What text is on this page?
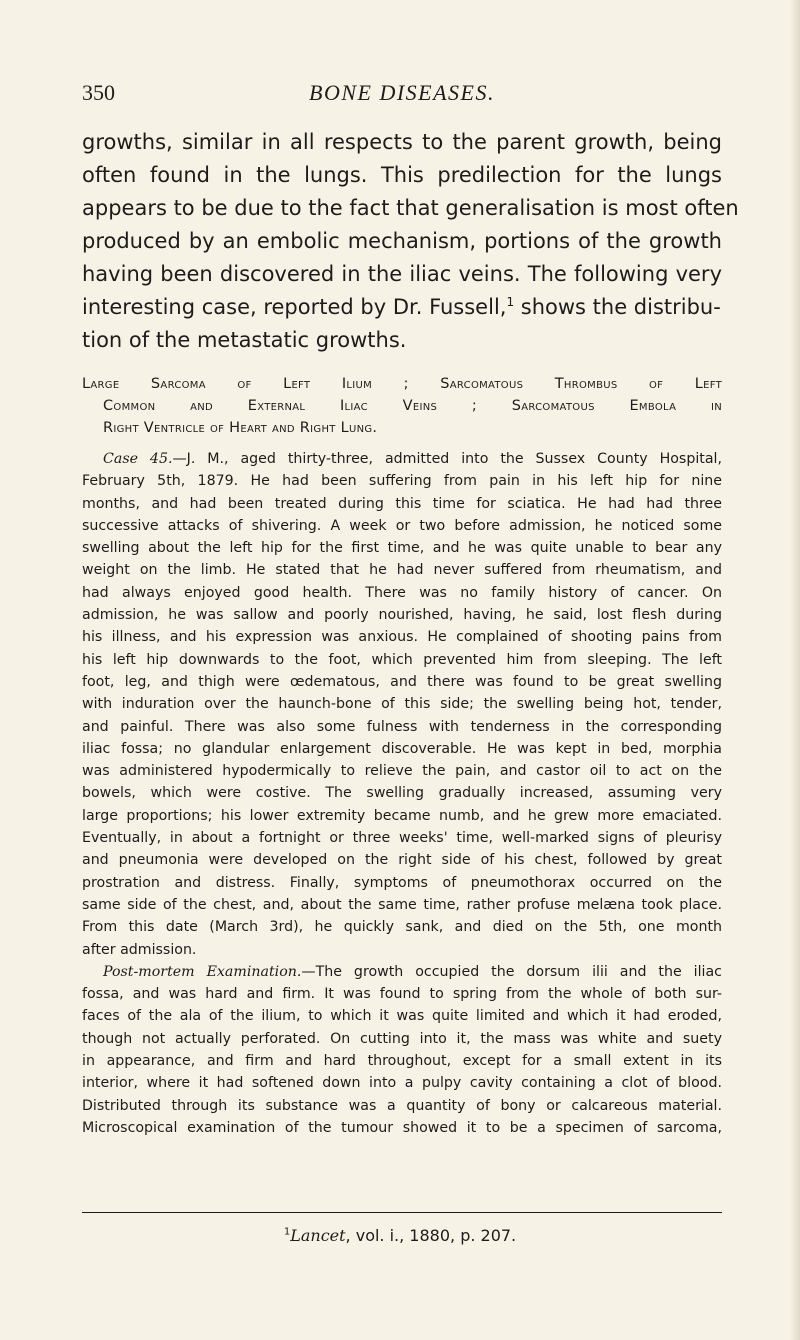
350	BONE DISEASES.
growths, similar in all respects to the parent growth, being
often found in the lungs. This predilection for the lungs
appears to be due to the fact that generalisation is most often
produced by an embolic mechanism, portions of the growth
having been discovered in the iliac veins. The following very
interesting case, reported by Dr. Fussell,$^1$ shows the distribu-
tion of the metastatic growths.
Large Sarcoma of Left Ilium ; Sarcomatous Thrombus of Left
Common and External Iliac Veins ; Sarcomatous Embola in
Right Ventricle of Heart and Right Lung.
Case 45.—J. M., aged thirty-three, admitted into the Sussex County Hospital,
February 5th, 1879. He had been suffering from pain in his left hip for nine
months, and had been treated during this time for sciatica. He had had three
successive attacks of shivering. A week or two before admission, he noticed some
swelling about the left hip for the first time, and he was quite unable to bear any
weight on the limb. He stated that he had never suffered from rheumatism, and
had always enjoyed good health. There was no family history of cancer. On
admission, he was sallow and poorly nourished, having, he said, lost flesh during
his illness, and his expression was anxious. He complained of shooting pains from
his left hip downwards to the foot, which prevented him from sleeping. The left
foot, leg, and thigh were œdematous, and there was found to be great swelling
with induration over the haunch-bone of this side; the swelling being hot, tender,
and painful. There was also some fulness with tenderness in the corresponding
iliac fossa; no glandular enlargement discoverable. He was kept in bed, morphia
was administered hypodermically to relieve the pain, and castor oil to act on the
bowels, which were costive. The swelling gradually increased, assuming very
large proportions; his lower extremity became numb, and he grew more emaciated.
Eventually, in about a fortnight or three weeks' time, well-marked signs of pleurisy
and pneumonia were developed on the right side of his chest, followed by great
prostration and distress. Finally, symptoms of pneumothorax occurred on the
same side of the chest, and, about the same time, rather profuse melæna took place.
From this date (March 3rd), he quickly sank, and died on the 5th, one month
after admission.
Post-mortem Examination.—The growth occupied the dorsum ilii and the iliac
fossa, and was hard and firm. It was found to spring from the whole of both sur-
faces of the ala of the ilium, to which it was quite limited and which it had eroded,
though not actually perforated. On cutting into it, the mass was white and suety
in appearance, and firm and hard throughout, except for a small extent in its
interior, where it had softened down into a pulpy cavity containing a clot of blood.
Distributed through its substance was a quantity of bony or calcareous material.
Microscopical examination of the tumour showed it to be a specimen of sarcoma,
$^1$Lancet, vol. i., 1880, p. 207.
